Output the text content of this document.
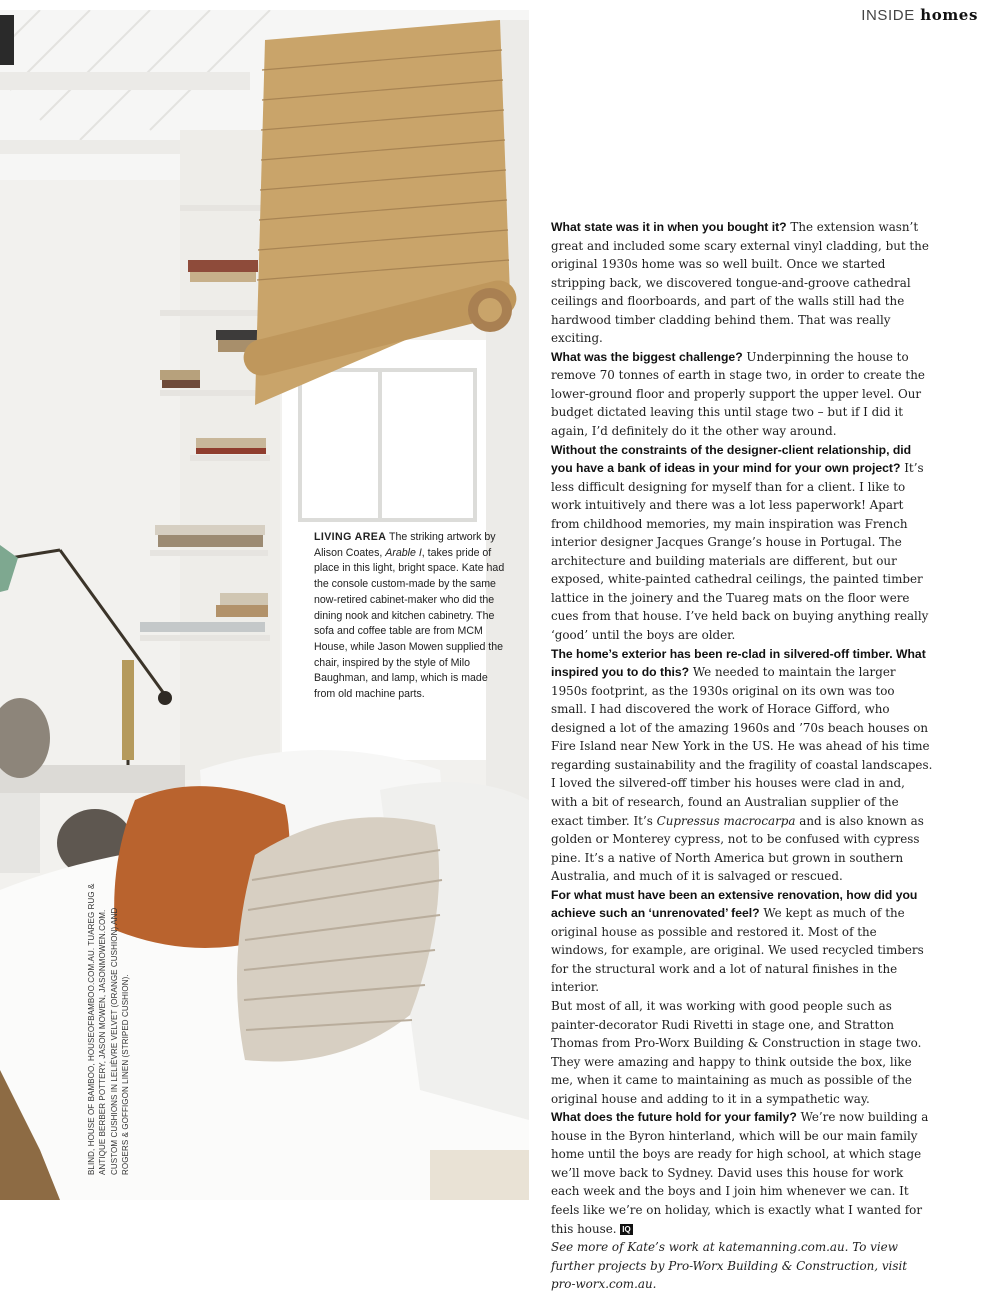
INSIDE homes
LIVING AREA The striking artwork by Alison Coates, Arable I, takes pride of place in this light, bright space. Kate had the console custom-made by the same now-retired cabinet-maker who did the dining nook and kitchen cabinetry. The sofa and coffee table are from MCM House, while Jason Mowen supplied the chair, inspired by the style of Milo Baughman, and lamp, which is made from old machine parts.
BLIND, HOUSE OF BAMBOO, HOUSEOFBAMBOO.COM.AU. TUAREG RUG & ANTIQUE BERBER POTTERY, JASON MOWEN, JASONMOWEN.COM. CUSTOM CUSHIONS IN LELIÈVRE VELVET (ORANGE CUSHION) AND ROGERS & GOFFIGON LINEN (STRIPED CUSHION).

What state was it in when you bought it? The extension wasn’t great and included some scary external vinyl cladding, but the original 1930s home was so well built. Once we started stripping back, we discovered tongue-and-groove cathedral ceilings and floorboards, and part of the walls still had the hardwood timber cladding behind them. That was really exciting.

What was the biggest challenge? Underpinning the house to remove 70 tonnes of earth in stage two, in order to create the lower-ground floor and properly support the upper level. Our budget dictated leaving this until stage two – but if I did it again, I’d definitely do it the other way around.

Without the constraints of the designer-client relationship, did you have a bank of ideas in your mind for your own project? It’s less difficult designing for myself than for a client. I like to work intuitively and there was a lot less paperwork! Apart from childhood memories, my main inspiration was French interior designer Jacques Grange’s house in Portugal. The architecture and building materials are different, but our exposed, white-painted cathedral ceilings, the painted timber lattice in the joinery and the Tuareg mats on the floor were cues from that house. I’ve held back on buying anything really ‘good’ until the boys are older.

The home’s exterior has been re-clad in silvered-off timber. What inspired you to do this? We needed to maintain the larger 1950s footprint, as the 1930s original on its own was too small. I had discovered the work of Horace Gifford, who designed a lot of the amazing 1960s and ’70s beach houses on Fire Island near New York in the US. He was ahead of his time regarding sustainability and the fragility of coastal landscapes. I loved the silvered-off timber his houses were clad in and, with a bit of research, found an Australian supplier of the exact timber. It’s Cupressus macrocarpa and is also known as golden or Monterey cypress, not to be confused with cypress pine. It’s a native of North America but grown in southern Australia, and much of it is salvaged or rescued.

For what must have been an extensive renovation, how did you achieve such an ‘unrenovated’ feel? We kept as much of the original house as possible and restored it. Most of the windows, for example, are original. We used recycled timbers for the structural work and a lot of natural finishes in the interior.

But most of all, it was working with good people such as painter-decorator Rudi Rivetti in stage one, and Stratton Thomas from Pro-Worx Building & Construction in stage two. They were amazing and happy to think outside the box, like me, when it came to maintaining as much as possible of the original house and adding to it in a sympathetic way.

What does the future hold for your family? We’re now building a house in the Byron hinterland, which will be our main family home until the boys are ready for high school, at which stage we’ll move back to Sydney. David uses this house for work each week and the boys and I join him whenever we can. It feels like we’re on holiday, which is exactly what I wanted for this house. IQ

See more of Kate’s work at katemanning.com.au. To view further projects by Pro-Worx Building & Construction, visit pro-worx.com.au.
